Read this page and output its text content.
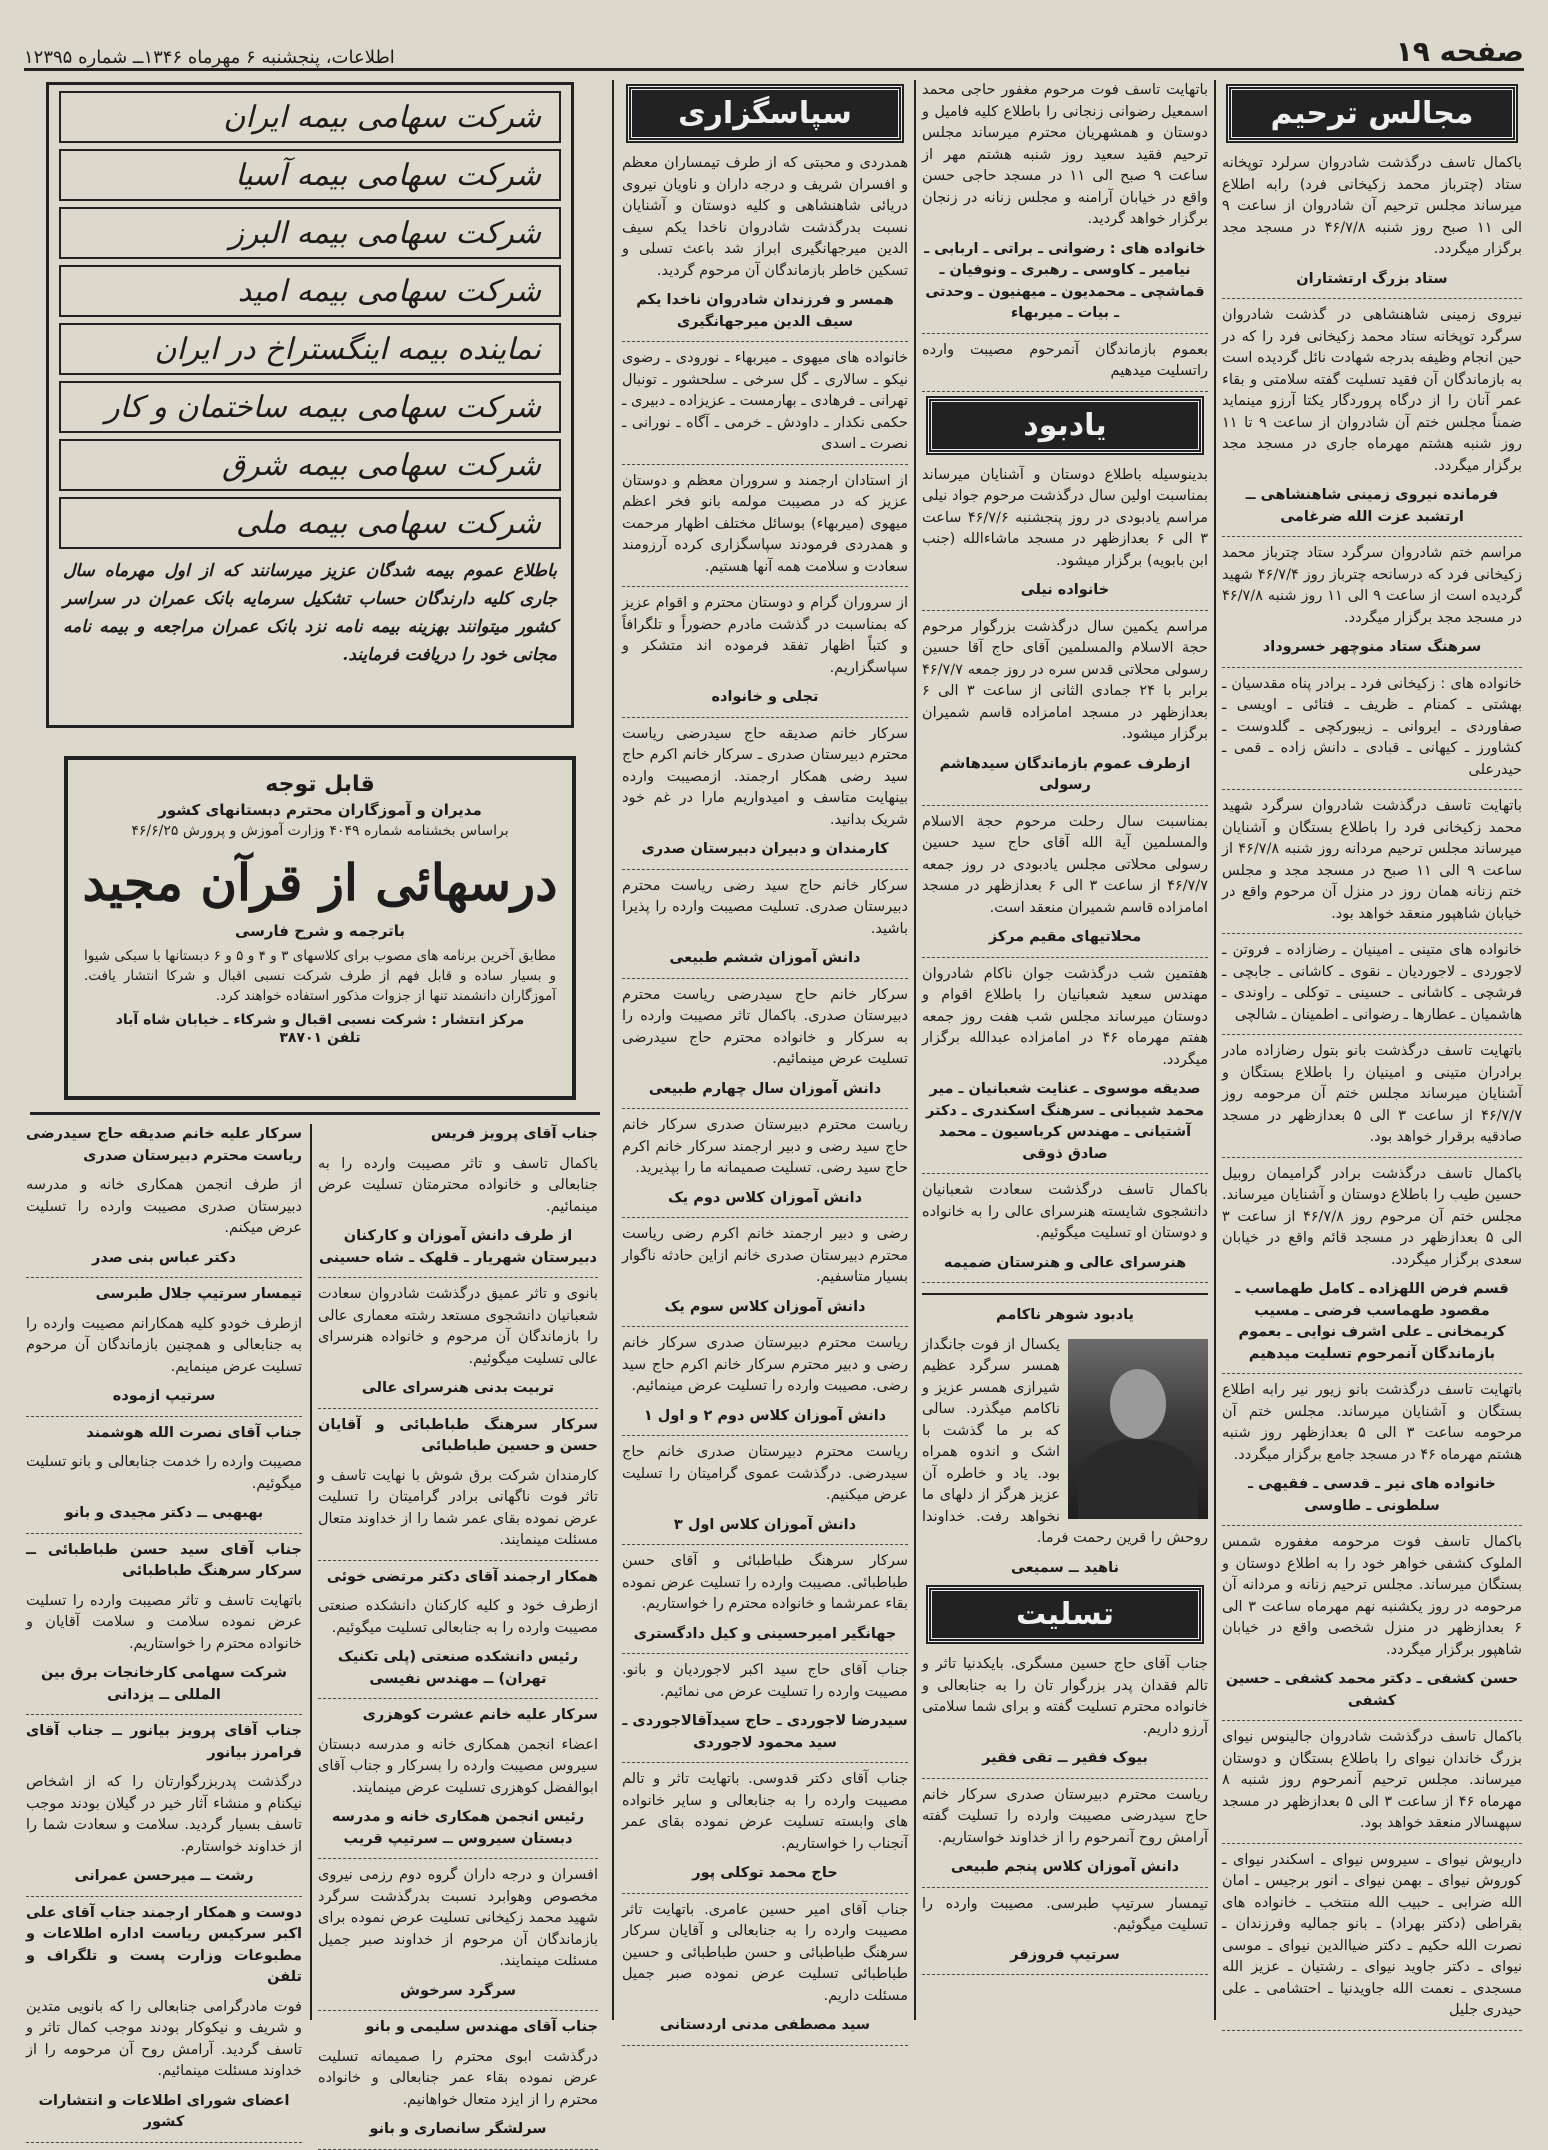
صفحه ۱۹
اطلاعات، پنجشنبه ۶ مهرماه ۱۳۴۶ــ شماره ۱۲۳۹۵
مجالس ترحیم

باکمال تاسف درگذشت شادروان سرلرد توپخانه ستاد (چترباز محمد زکیخانی فرد) رابه اطلاع میرساند مجلس ترحیم آن شادروان از ساعت ۹ الی ۱۱ صبح روز شنبه ۴۶/۷/۸ در مسجد مجد برگزار میگردد.

ستاد بزرگ ارتشتاران

نیروی زمینی شاهنشاهی در گذشت شادروان سرگرد توپخانه ستاد محمد زکیخانی فرد را که در حین انجام وظیفه بدرجه شهادت نائل گردیده است به بازماندگان آن فقید تسلیت گفته سلامتی و بقاء عمر آنان را از درگاه پروردگار یکتا آرزو مینماید ضمناً مجلس ختم آن شادروان از ساعت ۹ تا ۱۱ روز شنبه هشتم مهرماه جاری در مسجد مجد برگزار میگردد.

فرمانده نیروی زمینی شاهنشاهی ــ ارتشبد عزت الله ضرغامی

مراسم ختم شادروان سرگرد ستاد چترباز محمد زکیخانی فرد که درسانحه چترباز روز ۴۶/۷/۴ شهید گردیده است از ساعت ۹ الی ۱۱ روز شنبه ۴۶/۷/۸ در مسجد مجد برگزار میگردد.

سرهنگ ستاد منوچهر خسروداد

خانواده های : زکیخانی فرد ـ برادر پناه مقدسیان ـ بهشتی ـ کمنام ـ ظریف ـ فتائی ـ اویسی ـ صفاوردی ـ ایروانی ـ زیبورکچی ـ گلدوست ـ کشاورز ـ کیهانی ـ قبادی ـ دانش زاده ـ قمی ـ حیدرعلی

باتهایت تاسف درگذشت شادروان سرگرد شهید محمد زکیخانی فرد را باطلاع بستگان و آشنایان میرساند مجلس ترحیم مردانه روز شنبه ۴۶/۷/۸ از ساعت ۹ الی ۱۱ صبح در مسجد مجد و مجلس ختم زنانه همان روز در منزل آن مرحوم واقع در خیابان شاهپور منعقد خواهد بود.

خانواده های متینی ـ امینیان ـ رضازاده ـ فروتن ـ لاجوردی ـ لاجوردیان ـ نقوی ـ کاشانی ـ جابچی ـ فرشچی ـ کاشانی ـ حسینی ـ توکلی ـ راوندی ـ هاشمیان ـ عطارها ـ رضوانی ـ اطمینان ـ شالچی

باتهایت تاسف درگذشت بانو بتول رضازاده مادر برادران متینی و امینیان را باطلاع بستگان و آشنایان میرساند مجلس ختم آن مرحومه روز ۴۶/۷/۷ از ساعت ۳ الی ۵ بعدازظهر در مسجد صادقیه برقرار خواهد بود.

باکمال تاسف درگذشت برادر گرامیمان روبیل حسین طیب را باطلاع دوستان و آشنایان میرساند. مجلس ختم آن مرحوم روز ۴۶/۷/۸ از ساعت ۳ الی ۵ بعدازظهر در مسجد قائم واقع در خیابان سعدی برگزار میگردد.

قسم فرض اللهزاده ـ کامل طهماسب ـ مقصود طهماسب فرضی ـ مسیب کریمخانی ـ علی اشرف نوایی ـ بعموم بازماندگان آنمرحوم تسلیت میدهیم

باتهایت تاسف درگذشت بانو زیور نیر رابه اطلاع بستگان و آشنایان میرساند. مجلس ختم آن مرحومه ساعت ۳ الی ۵ بعدازظهر روز شنبه هشتم مهرماه ۴۶ در مسجد جامع برگزار میگردد.

خانواده های نیر ـ قدسی ـ فقیهی ـ سلطونی ـ طاوسی

باکمال تاسف فوت مرحومه مغفوره شمس الملوک کشفی خواهر خود را به اطلاع دوستان و بستگان میرساند. مجلس ترحیم زنانه و مردانه آن مرحومه در روز یکشنبه نهم مهرماه ساعت ۳ الی ۶ بعدازظهر در منزل شخصی واقع در خیابان شاهپور برگزار میگردد.

حسن کشفی ـ دکتر محمد کشفی ـ حسین کشفی

باکمال تاسف درگذشت شادروان جالینوس نیوای بزرگ خاندان نیوای را باطلاع بستگان و دوستان میرساند. مجلس ترحیم آنمرحوم روز شنبه ۸ مهرماه ۴۶ از ساعت ۳ الی ۵ بعدازظهر در مسجد سپهسالار منعقد خواهد بود.

داریوش نیوای ـ سیروس نیوای ـ اسکندر نیوای ـ کوروش نیوای ـ بهمن نیوای ـ انور برجیس ـ امان الله ضرابی ـ حبیب الله منتخب ـ خانواده های بقراطی (دکتر بهراد) ـ بانو جمالیه وفرزندان ـ نصرت الله حکیم ـ دکتر ضیاالدین نیوای ـ موسی نیوای ـ دکتر جاوید نیوای ـ رشتیان ـ عزیز الله مسجدی ـ نعمت الله جاویدنیا ـ احتشامی ـ علی حیدری جلیل

باتهایت تاسف فوت مرحوم مغفور حاجی محمد اسمعیل رضوانی زنجانی را باطلاع کلیه فامیل و دوستان و همشهریان محترم میرساند مجلس ترحیم فقید سعید روز شنبه هشتم مهر از ساعت ۹ صبح الی ۱۱ در مسجد حاجی حسن واقع در خیابان آرامنه و مجلس زنانه در زنجان برگزار خواهد گردید.

خانواده های : رضوانی ـ براتی ـ اربابی ـ نیامیر ـ کاوسی ـ رهبری ـ ونوفیان ـ قماشچی ـ محمدیون ـ میهنیون ـ وحدتی ـ بیات ـ میربهاء

بعموم بازماندگان آنمرحوم مصیبت وارده راتسلیت میدهیم

یادبود

بدینوسیله باطلاع دوستان و آشنایان میرساند بمناسبت اولین سال درگذشت مرحوم جواد نیلی مراسم یادبودی در روز پنجشنبه ۴۶/۷/۶ ساعت ۳ الی ۶ بعدازظهر در مسجد ماشاءالله (جنب ابن بابویه) برگزار میشود.

خانواده نیلی

مراسم یکمین سال درگذشت بزرگوار مرحوم حجة الاسلام والمسلمین آقای حاج آقا حسین رسولی محلاتی قدس سره در روز جمعه ۴۶/۷/۷ برابر با ۲۴ جمادی الثانی از ساعت ۳ الی ۶ بعدازظهر در مسجد امامزاده قاسم شمیران برگزار میشود.

ازطرف عموم بازماندگان سیدهاشم رسولی

بمناسبت سال رحلت مرحوم حجة الاسلام والمسلمین آیة الله آقای حاج سید حسین رسولی محلاتی مجلس یادبودی در روز جمعه ۴۶/۷/۷ از ساعت ۳ الی ۶ بعدازظهر در مسجد امامزاده قاسم شمیران منعقد است.

محلاتیهای مقیم مرکز

هفتمین شب درگذشت جوان ناکام شادروان مهندس سعید شعبانیان را باطلاع اقوام و دوستان میرساند مجلس شب هفت روز جمعه هفتم مهرماه ۴۶ در امامزاده عبدالله برگزار میگردد.

صدیقه موسوی ـ عنایت شعبانیان ـ میر محمد شیبانی ـ سرهنگ اسکندری ـ دکتر آشتیانی ـ مهندس کرباسیون ـ محمد صادق ذوقی

باکمال تاسف درگذشت سعادت شعبانیان دانشجوی شایسته هنرسرای عالی را به خانواده و دوستان او تسلیت میگوئیم.

هنرسرای عالی و هنرستان ضمیمه

یادبود شوهر ناکامم

یکسال از فوت جانگداز همسر سرگرد عظیم شیرازی همسر عزیز و ناکامم میگذرد. سالی که بر ما گذشت با اشک و اندوه همراه بود. یاد و خاطره آن عزیز هرگز از دلهای ما نخواهد رفت. خداوندا روحش را قرین رحمت فرما.

ناهید ــ سمیعی

تسلیت

جناب آقای حاج حسین مسگری. بایکدنیا تاثر و تالم فقدان پدر بزرگوار تان را به جنابعالی و خانواده محترم تسلیت گفته و برای شما سلامتی آرزو داریم.

بیوک فقیر ــ تقی فقیر

ریاست محترم دبیرستان صدری سرکار خانم حاج سیدرضی مصیبت وارده را تسلیت گفته آرامش روح آنمرحوم را از خداوند خواستاریم.

دانش آموزان کلاس پنجم طبیعی

تیمسار سرتیپ طبرسی. مصیبت وارده را تسلیت میگوئیم.

سرتیپ فروزفر

سپاسگزاری

همدردی و محبتی که از طرف تیمساران معظم و افسران شریف و درجه داران و ناویان نیروی دریائی شاهنشاهی و کلیه دوستان و آشنایان نسبت بدرگذشت شادروان ناخدا یکم سیف الدین میرجهانگیری ابراز شد باعث تسلی و تسکین خاطر بازماندگان آن مرحوم گردید.

همسر و فرزندان شادروان ناخدا یکم سیف الدین میرجهانگیری

خانواده های میهوی ـ میربهاء ـ نورودی ـ رضوی نیکو ـ سالاری ـ گل سرخی ـ سلحشور ـ تونبال تهرانی ـ فرهادی ـ بهارمست ـ عزیزاده ـ دبیری ـ حکمی نکدار ـ داودش ـ خرمی ـ آگاه ـ نورانی ـ نصرت ـ اسدی

از استادان ارجمند و سروران معظم و دوستان عزیز که در مصیبت مولمه بانو فخر اعظم میهوی (میربهاء) بوسائل مختلف اظهار مرحمت و همدردی فرمودند سپاسگزاری کرده آرزومند سعادت و سلامت همه آنها هستیم.

از سروران گرام و دوستان محترم و اقوام عزیز که بمناسبت در گذشت مادرم حضوراً و تلگرافاً و کتباً اظهار تفقد فرموده اند متشکر و سپاسگزاریم.

تجلی و خانواده

سرکار خانم صدیقه حاج سیدرضی ریاست محترم دبیرستان صدری ـ سرکار خانم اکرم حاج سید رضی همکار ارجمند. ازمصیبت وارده بینهایت متاسف و امیدواریم مارا در غم خود شریک بدانید.

کارمندان و دبیران دبیرستان صدری

سرکار خانم حاج سید رضی ریاست محترم دبیرستان صدری. تسلیت مصیبت وارده را پذیرا باشید.

دانش آموزان ششم طبیعی

سرکار خانم حاج سیدرضی ریاست محترم دبیرستان صدری. باکمال تاثر مصیبت وارده را به سرکار و خانواده محترم حاج سیدرضی تسلیت عرض مینمائیم.

دانش آموزان سال چهارم طبیعی

ریاست محترم دبیرستان صدری سرکار خانم حاج سید رضی و دبیر ارجمند سرکار خانم اکرم حاج سید رضی. تسلیت صمیمانه ما را بپذیرید.

دانش آموزان کلاس دوم یک

رضی و دبیر ارجمند خانم اکرم رضی ریاست محترم دبیرستان صدری خانم ازاین حادثه ناگوار بسیار متاسفیم.

دانش آموزان کلاس سوم یک

ریاست محترم دبیرستان صدری سرکار خانم رضی و دبیر محترم سرکار خانم اکرم حاج سید رضی. مصیبت وارده را تسلیت عرض مینمائیم.

دانش آموزان کلاس دوم ۲ و اول ۱

ریاست محترم دبیرستان صدری خانم حاج سیدرضی. درگذشت عموی گرامیتان را تسلیت عرض میکنیم.

دانش آموزان کلاس اول ۳

سرکار سرهنگ طباطبائی و آقای حسن طباطبائی. مصیبت وارده را تسلیت عرض نموده بقاء عمرشما و خانواده محترم را خواستاریم.

جهانگیر امیرحسینی و کیل دادگستری

جناب آقای حاج سید اکبر لاجوردیان و بانو. مصیبت وارده را تسلیت عرض می نمائیم.

سیدرضا لاجوردی ـ حاج سیدآقالاجوردی ـ سید محمود لاجوردی

جناب آقای دکتر قدوسی. باتهایت تاثر و تالم مصیبت وارده را به جنابعالی و سایر خانواده های وابسته تسلیت عرض نموده بقای عمر آنجناب را خواستاریم.

حاج محمد توکلی پور

جناب آقای امیر حسین عامری. باتهایت تاثر مصیبت وارده را به جنابعالی و آقایان سرکار سرهنگ طباطبائی و حسن طباطبائی و حسین طباطبائی تسلیت عرض نموده صبر جمیل مسئلت داریم.

سید مصطفی مدنی اردستانی

شرکت سهامی بیمه ایران
شرکت سهامی بیمه آسیا
شرکت سهامی بیمه البرز
شرکت سهامی بیمه امید
نماینده بیمه اینگستراخ در ایران
شرکت سهامی بیمه ساختمان و کار
شرکت سهامی بیمه شرق
شرکت سهامی بیمه ملی

باطلاع عموم بیمه شدگان عزیز میرسانند که از اول مهرماه سال جاری کلیه دارندگان حساب تشکیل سرمایه بانک عمران در سراسر کشور میتوانند بهزینه بیمه نامه نزد بانک عمران مراجعه و بیمه نامه مجانی خود را دریافت فرمایند.

قابل توجه
مدیران و آموزگاران محترم دبستانهای کشور
براساس بخشنامه شماره ۴۰۴۹ وزارت آموزش و پرورش ۴۶/۶/۲۵
درسهائی از قرآن مجید
باترجمه و شرح فارسی
مطابق آخرین برنامه های مصوب برای کلاسهای ۳ و ۴ و ۵ و ۶ دبستانها با سبکی شیوا و بسیار ساده و قابل فهم از طرف شرکت نسبی اقبال و شرکا انتشار یافت. آموزگاران دانشمند تنها از جزوات مذکور استفاده خواهند کرد.
مرکز انتشار : شرکت نسبی اقبال و شرکاء ـ خیابان شاه آباد
تلفن ۳۸۷۰۱

جناب آقای پرویز فریس

باکمال تاسف و تاثر مصیبت وارده را به جنابعالی و خانواده محترمتان تسلیت عرض مینمائیم.

از طرف دانش آموزان و کارکنان دبیرستان شهریار ـ قلهک ـ شاه حسینی

بانوی و تاثر عمیق درگذشت شادروان سعادت شعبانیان دانشجوی مستعد رشته معماری عالی را بازماندگان آن مرحوم و خانواده هنرسرای عالی تسلیت میگوئیم.

تربیت بدنی هنرسرای عالی

سرکار سرهنگ طباطبائی و آقایان حسن و حسین طباطبائی

کارمندان شرکت برق شوش با نهایت تاسف و تاثر فوت ناگهانی برادر گرامیتان را تسلیت عرض نموده بقای عمر شما را از خداوند متعال مسئلت مینمایند.

همکار ارجمند آقای دکتر مرتضی خوئی

ازطرف خود و کلیه کارکنان دانشکده صنعتی مصیبت وارده را به جنابعالی تسلیت میگوئیم.

رئیس دانشکده صنعتی (پلی تکنیک تهران) ــ مهندس نفیسی

سرکار علیه خانم عشرت کوهزری

اعضاء انجمن همکاری خانه و مدرسه دبستان سیروس مصیبت وارده را بسرکار و جناب آقای ابوالفضل کوهزری تسلیت عرض مینمایند.

رئیس انجمن همکاری خانه و مدرسه دبستان سیروس ــ سرتیپ قریب

افسران و درجه داران گروه دوم رزمی نیروی مخصوص وهوابرد نسبت بدرگذشت سرگرد شهید محمد زکیخانی تسلیت عرض نموده برای بازماندگان آن مرحوم از خداوند صبر جمیل مسئلت مینمایند.

سرگرد سرخوش

جناب آقای مهندس سلیمی و بانو

درگذشت ابوی محترم را صمیمانه تسلیت عرض نموده بقاء عمر جنابعالی و خانواده محترم را از ایزد متعال خواهانیم.

سرلشگر سانصاری و بانو

سرکار علیه خانم صدیقه حاج سیدرضی ریاست محترم دبیرستان صدری

از طرف انجمن همکاری خانه و مدرسه دبیرستان صدری مصیبت وارده را تسلیت عرض میکنم.

دکتر عباس بنی صدر

تیمسار سرتیپ جلال طبرسی

ازطرف خودو کلیه همکارانم مصیبت وارده را به جنابعالی و همچنین بازماندگان آن مرحوم تسلیت عرض مینمایم.

سرتیپ ازموده

جناب آقای نصرت الله هوشمند

مصیبت وارده را خدمت جنابعالی و بانو تسلیت میگوئیم.

بهبهبی ــ دکتر مجیدی و بانو

جناب آقای سید حسن طباطبائی ــ سرکار سرهنگ طباطبائی

باتهایت تاسف و تاثر مصیبت وارده را تسلیت عرض نموده سلامت و سلامت آقایان و خانواده محترم را خواستاریم.

شرکت سهامی کارخانجات برق بین المللی ــ یزدانی

جناب آقای پرویز بیانور ــ جناب آقای فرامرز بیانور

درگذشت پدربزرگوارتان را که از اشخاص نیکنام و منشاء آثار خیر در گیلان بودند موجب تاسف بسیار گردید. سلامت و سعادت شما را از خداوند خواستارم.

رشت ــ میرحسن عمرانی

دوست و همکار ارجمند جناب آقای علی اکبر سرکیس ریاست اداره اطلاعات و مطبوعات وزارت پست و تلگراف و تلفن

فوت مادرگرامی جنابعالی را که بانویی متدین و شریف و نیکوکار بودند موجب کمال تاثر و تاسف گردید. آرامش روح آن مرحومه را از خداوند مسئلت مینمائیم.

اعضای شورای اطلاعات و انتشارات کشور
